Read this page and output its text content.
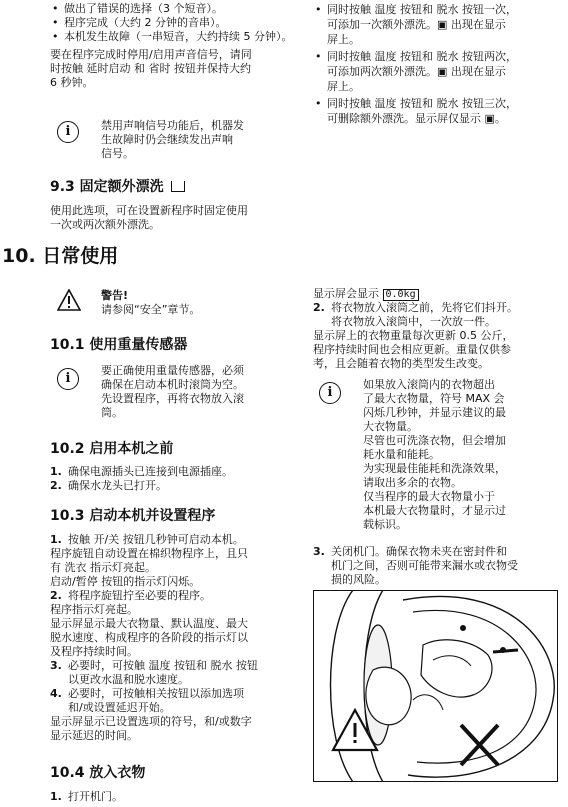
• 做出了错误的选择（3 个短音）。
• 程序完成（大约 2 分钟的音串）。
• 本机发生故障（一串短音，大约持续 5 分钟）。
要在程序完成时停用/启用声音信号，请同
时按触 延时启动 和 省时 按钮并保持大约
6 秒钟。
i	禁用声响信号功能后，机器发
生故障时仍会继续发出声响
信号。
9.3 固定额外漂洗
使用此选项，可在设置新程序时固定使用
一次或两次额外漂洗。
• 同时按触 温度 按钮和 脱水 按钮一次，
可添加一次额外漂洗。▣ 出现在显示
屏上。
• 同时按触 温度 按钮和 脱水 按钮两次，
可添加两次额外漂洗。▣ 出现在显示
屏上。
• 同时按触 温度 按钮和 脱水 按钮三次，
可删除额外漂洗。显示屏仅显示 ▣。
10. 日常使用
警告!
请参阅“安全”章节。
10.1 使用重量传感器
i
要正确使用重量传感器，必须
确保在启动本机时滚筒为空。
先设置程序，再将衣物放入滚
筒。
10.2 启用本机之前
1. 确保电源插头已连接到电源插座。
2. 确保水龙头已打开。
10.3 启动本机并设置程序
1. 按触 开/关 按钮几秒钟可启动本机。
程序旋钮自动设置在棉织物程序上，且只
有 洗衣 指示灯亮起。
启动/暂停 按钮的指示灯闪烁。
2. 将程序旋钮拧至必要的程序。
程序指示灯亮起。
显示屏显示最大衣物量、默认温度、最大
脱水速度、构成程序的各阶段的指示灯以
及程序持续时间。
3. 必要时，可按触 温度 按钮和 脱水 按钮
以更改水温和脱水速度。
4. 必要时，可按触相关按钮以添加选项
和/或设置延迟开始。
显示屏显示已设置选项的符号，和/或数字
显示延迟的时间。
10.4 放入衣物
1. 打开机门。
显示屏会显示 0.0kg
2. 将衣物放入滚筒之前，先将它们抖开。
将衣物放入滚筒中，一次放一件。
显示屏上的衣物重量每次更新 0.5 公斤，
程序持续时间也会相应更新。重量仅供参
考，且会随着衣物的类型发生改变。
i
如果放入滚筒内的衣物超出
了最大衣物量，符号 MAX 会
闪烁几秒钟，并显示建议的最
大衣物量。
尽管也可洗涤衣物，但会增加
耗水量和能耗。
为实现最佳能耗和洗涤效果，
请取出多余的衣物。
仅当程序的最大衣物量小于
本机最大衣物量时，才显示过
载标识。
3. 关闭机门。确保衣物未夹在密封件和
机门之间，否则可能带来漏水或衣物受
损的风险。
